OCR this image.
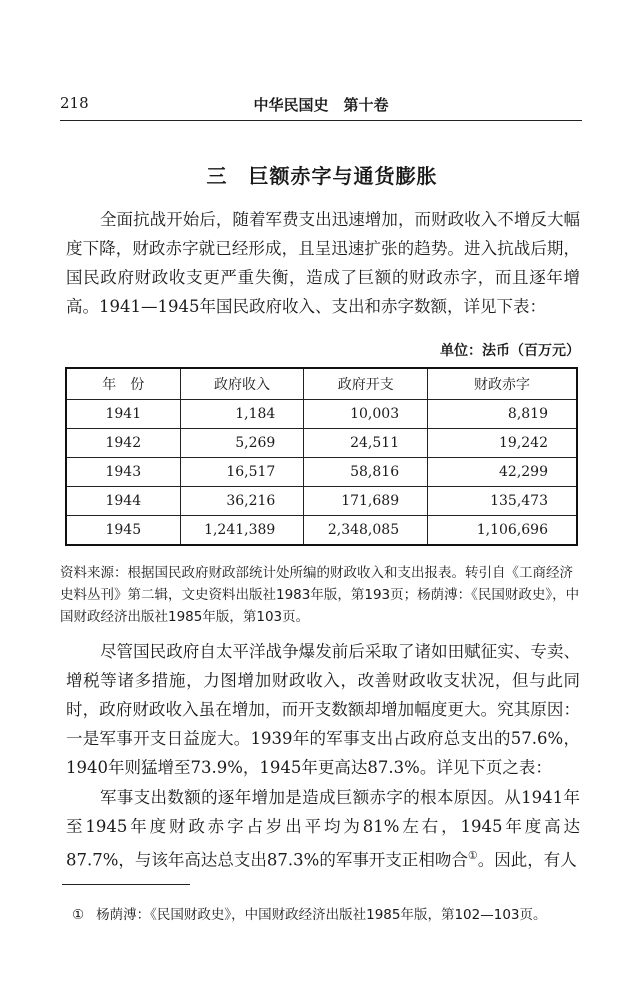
218	中华民国史　第十卷
三　巨额赤字与通货膨胀

全面抗战开始后，随着军费支出迅速增加，而财政收入不增反大幅度下降，财政赤字就已经形成，且呈迅速扩张的趋势。进入抗战后期，国民政府财政收支更严重失衡，造成了巨额的财政赤字，而且逐年增高。1941—1945年国民政府收入、支出和赤字数额，详见下表：

单位：法币（百万元）
年　份	政府收入	政府开支	财政赤字
1941	1,184	10,003	8,819
1942	5,269	24,511	19,242
1943	16,517	58,816	42,299
1944	36,216	171,689	135,473
1945	1,241,389	2,348,085	1,106,696

资料来源：根据国民政府财政部统计处所编的财政收入和支出报表。转引自《工商经济史料丛刊》第二辑，文史资料出版社1983年版，第193页；杨荫溥：《民国财政史》，中国财政经济出版社1985年版，第103页。

尽管国民政府自太平洋战争爆发前后采取了诸如田赋征实、专卖、增税等诸多措施，力图增加财政收入，改善财政收支状况，但与此同时，政府财政收入虽在增加，而开支数额却增加幅度更大。究其原因：一是军事开支日益庞大。1939年的军事支出占政府总支出的57.6%，1940年则猛增至73.9%，1945年更高达87.3%。详见下页之表：

军事支出数额的逐年增加是造成巨额赤字的根本原因。从1941年至1945年度财政赤字占岁出平均为81%左右，1945年度高达87.7%，与该年高达总支出87.3%的军事开支正相吻合①。因此，有人

① 杨荫溥：《民国财政史》，中国财政经济出版社1985年版，第102—103页。
